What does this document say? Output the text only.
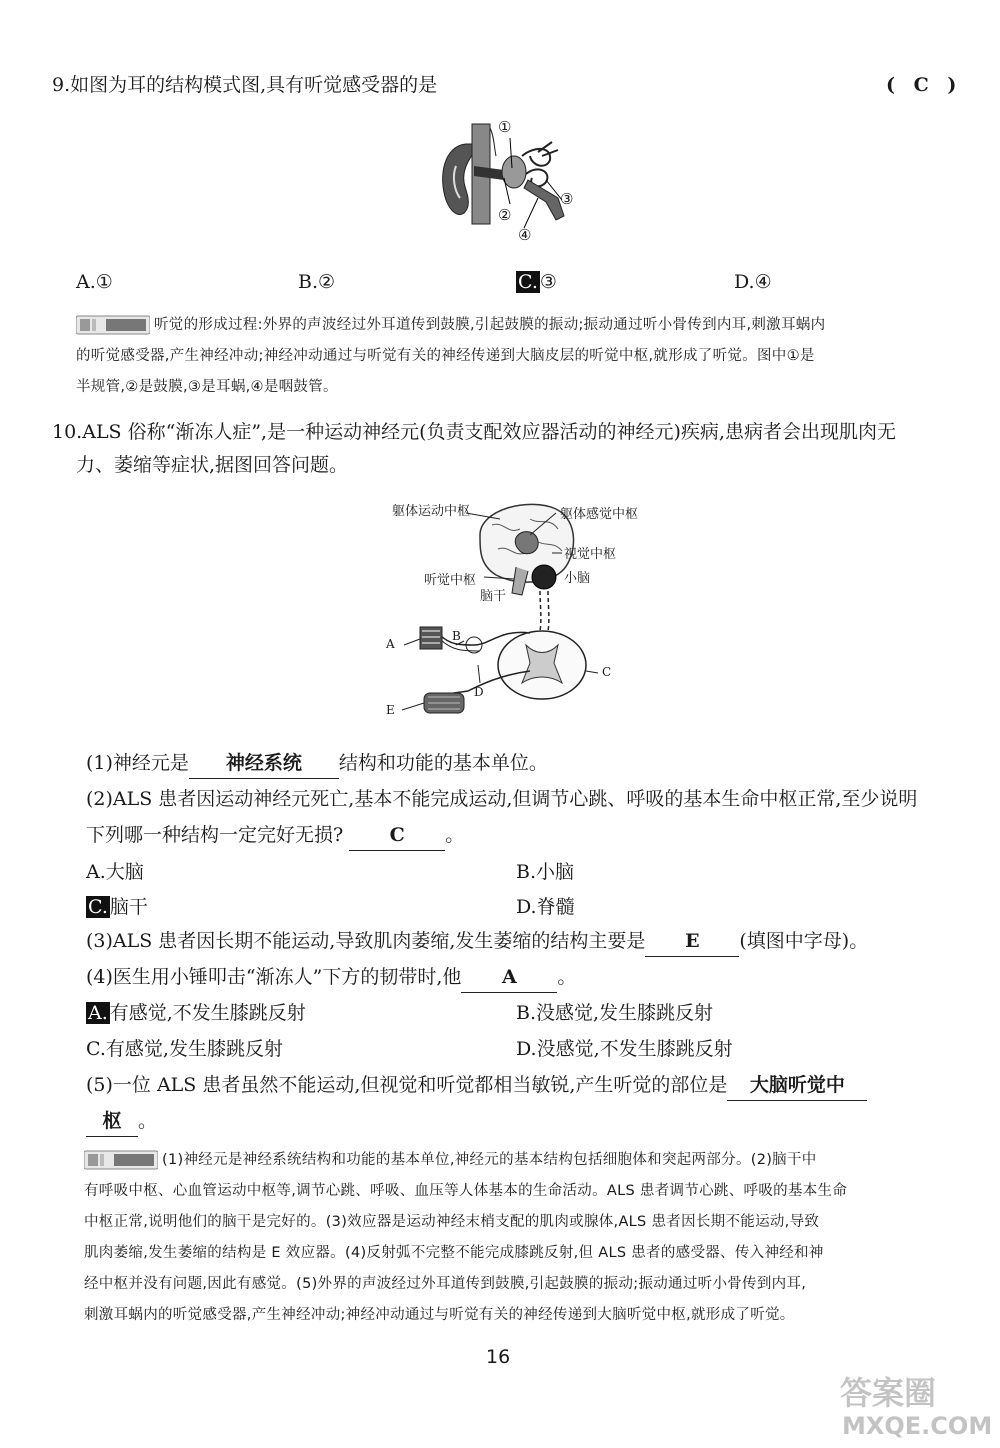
9.如图为耳的结构模式图,具有听觉感受器的是	( C )
①
②
③
④
A.①	B.②	C. ③	D.④
听觉的形成过程:外界的声波经过外耳道传到鼓膜,引起鼓膜的振动;振动通过听小骨传到内耳,刺激耳蜗内
的听觉感受器,产生神经冲动;神经冲动通过与听觉有关的神经传递到大脑皮层的听觉中枢,就形成了听觉。图中①是
半规管,②是鼓膜,③是耳蜗,④是咽鼓管。
10.ALS 俗称“渐冻人症”,是一种运动神经元(负责支配效应器活动的神经元)疾病,患病者会出现肌肉无
力、萎缩等症状,据图回答问题。
躯体运动中枢	躯体感觉中枢
视觉中枢
听觉中枢	小脑
脑干
A
B
C
D
E
(1)神经元是 神经系统 结构和功能的基本单位。
(2)ALS 患者因运动神经元死亡,基本不能完成运动,但调节心跳、呼吸的基本生命中枢正常,至少说明
下列哪一种结构一定完好无损? C 。
A.大脑	B.小脑
C. 脑干	D.脊髓
(3)ALS 患者因长期不能运动,导致肌肉萎缩,发生萎缩的结构主要是 E (填图中字母)。
(4)医生用小锤叩击“渐冻人”下方的韧带时,他 A 。
A. 有感觉,不发生膝跳反射	B.没感觉,发生膝跳反射
C.有感觉,发生膝跳反射	D.没感觉,不发生膝跳反射
(5)一位 ALS 患者虽然不能运动,但视觉和听觉都相当敏锐,产生听觉的部位是 大脑听觉中
枢 。
(1)神经元是神经系统结构和功能的基本单位,神经元的基本结构包括细胞体和突起两部分。(2)脑干中
有呼吸中枢、心血管运动中枢等,调节心跳、呼吸、血压等人体基本的生命活动。ALS 患者调节心跳、呼吸的基本生命
中枢正常,说明他们的脑干是完好的。(3)效应器是运动神经末梢支配的肌肉或腺体,ALS 患者因长期不能运动,导致
肌肉萎缩,发生萎缩的结构是 E 效应器。(4)反射弧不完整不能完成膝跳反射,但 ALS 患者的感受器、传入神经和神
经中枢并没有问题,因此有感觉。(5)外界的声波经过外耳道传到鼓膜,引起鼓膜的振动;振动通过听小骨传到内耳,
刺激耳蜗内的听觉感受器,产生神经冲动;神经冲动通过与听觉有关的神经传递到大脑听觉中枢,就形成了听觉。
16
答案圈
MXQE.COM
